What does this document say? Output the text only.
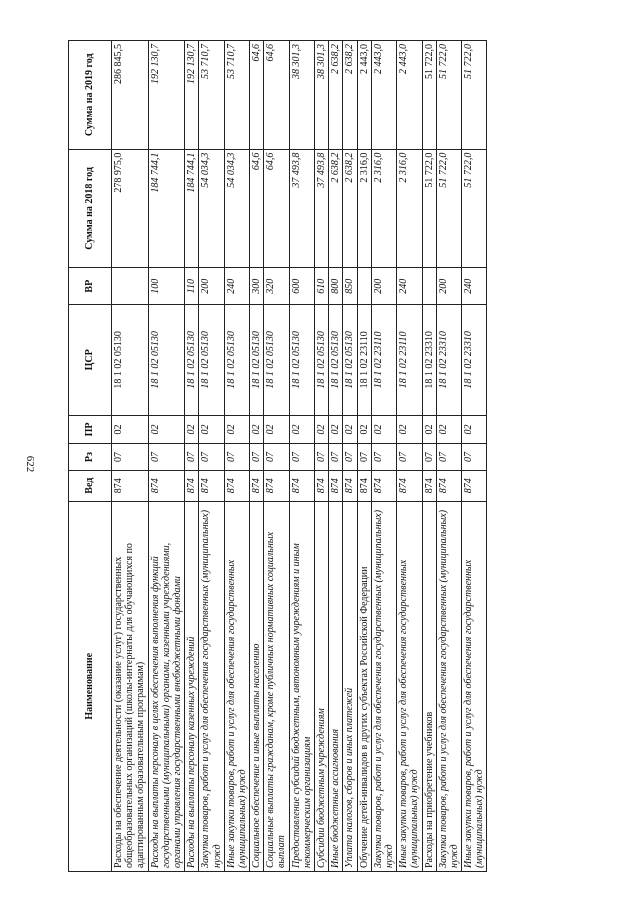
622
Наименование	Вед	Рз	ПР	ЦСР	ВР	Сумма на 2018 год	Сумма на 2019 год
Расходы на обеспечение деятельности (оказание услуг) государственных общеобразовательных организаций (школы-интернаты для обучающихся по адаптированным образовательным программам)	874	07	02	18 1 02 05130		278 975,0	286 845,5
Расходы на выплаты персоналу в целях обеспечения выполнения функций государственными (муниципальными) органами, казенными учреждениями, органами управления государственными внебюджетными фондами	874	07	02	18 1 02 05130	100	184 744,1	192 130,7
Расходы на выплаты персоналу казенных учреждений	874	07	02	18 1 02 05130	110	184 744,1	192 130,7
Закупка товаров, работ и услуг для обеспечения государственных (муниципальных) нужд	874	07	02	18 1 02 05130	200	54 034,3	53 710,7
Иные закупки товаров, работ и услуг для обеспечения государственных (муниципальных) нужд	874	07	02	18 1 02 05130	240	54 034,3	53 710,7
Социальное обеспечение и иные выплаты населению	874	07	02	18 1 02 05130	300	64,6	64,6
Социальные выплаты гражданам, кроме публичных нормативных социальных выплат	874	07	02	18 1 02 05130	320	64,6	64,6
Предоставление субсидий бюджетным, автономным учреждениям и иным некоммерческим организациям	874	07	02	18 1 02 05130	600	37 493,8	38 301,3
Субсидии бюджетным учреждениям	874	07	02	18 1 02 05130	610	37 493,8	38 301,3
Иные бюджетные ассигнования	874	07	02	18 1 02 05130	800	2 638,2	2 638,2
Уплата налогов, сборов и иных платежей	874	07	02	18 1 02 05130	850	2 638,2	2 638,2
Обучение детей-инвалидов в других субъектах Российской Федерации	874	07	02	18 1 02 23110		2 316,0	2 443,0
Закупка товаров, работ и услуг для обеспечения государственных (муниципальных) нужд	874	07	02	18 1 02 23110	200	2 316,0	2 443,0
Иные закупки товаров, работ и услуг для обеспечения государственных (муниципальных) нужд	874	07	02	18 1 02 23110	240	2 316,0	2 443,0
Расходы на приобретение учебников	874	07	02	18 1 02 23310		51 722,0	51 722,0
Закупка товаров, работ и услуг для обеспечения государственных (муниципальных) нужд	874	07	02	18 1 02 23310	200	51 722,0	51 722,0
Иные закупки товаров, работ и услуг для обеспечения государственных (муниципальных) нужд	874	07	02	18 1 02 23310	240	51 722,0	51 722,0
